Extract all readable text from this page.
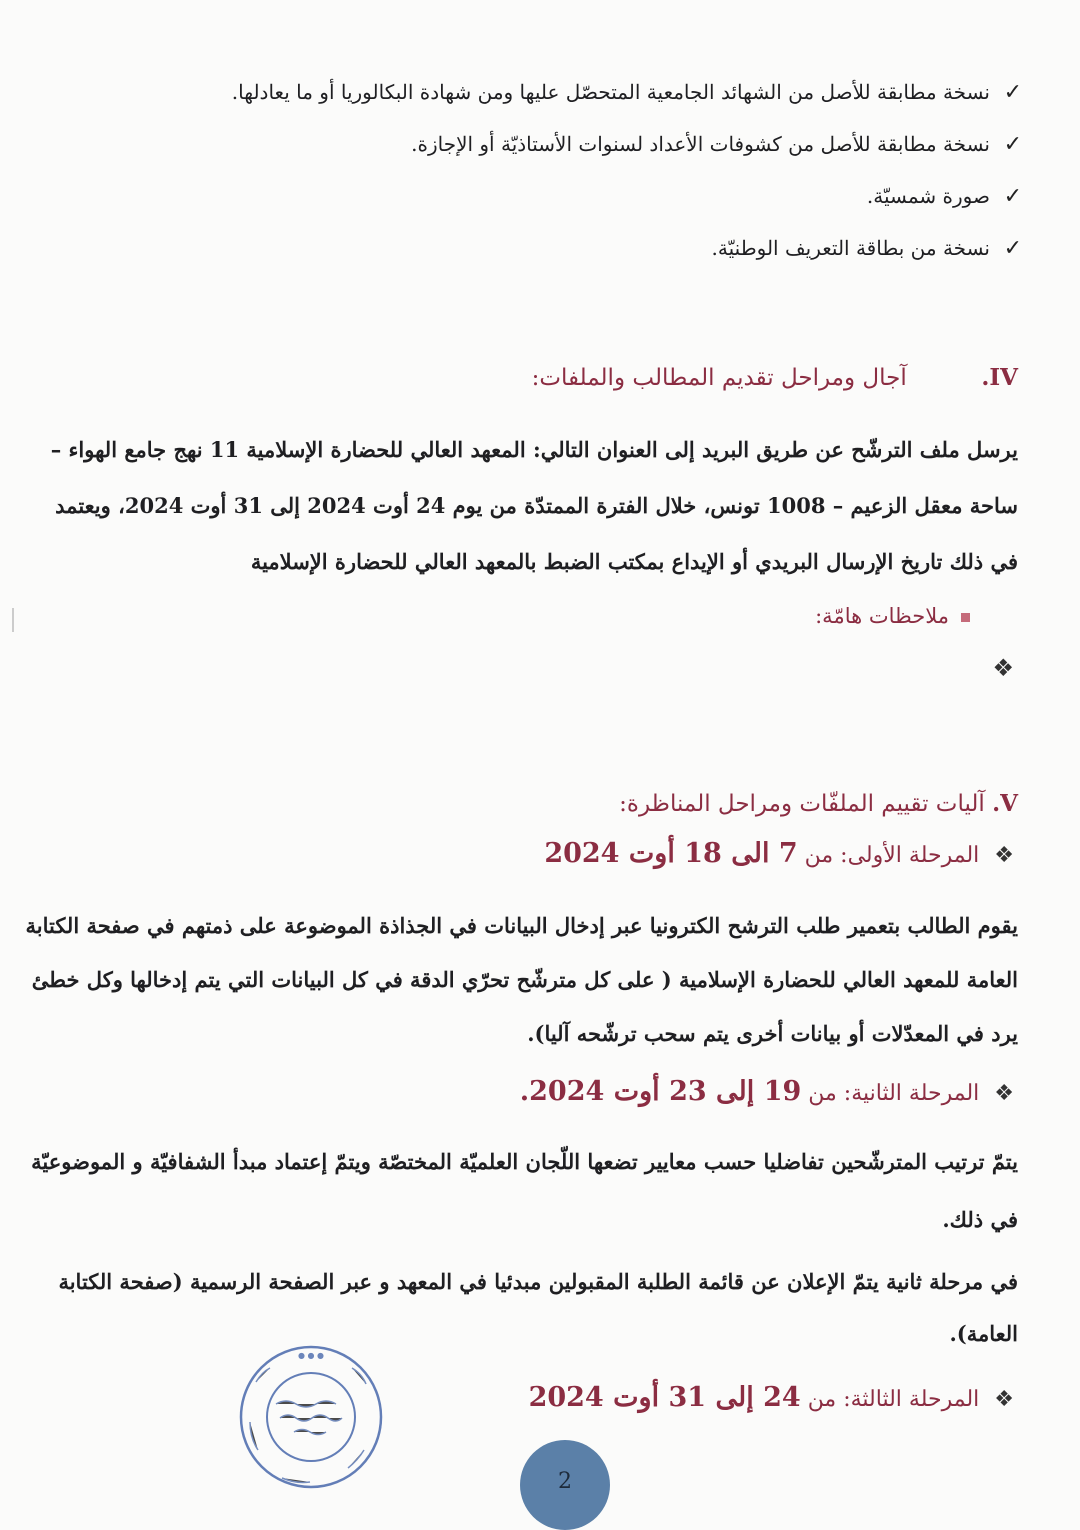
✓
نسخة مطابقة للأصل من الشهائد الجامعية المتحصّل عليها ومن شهادة البكالوريا أو ما يعادلها.
✓
نسخة مطابقة للأصل من كشوفات الأعداد لسنوات الأستاذيّة أو الإجازة.
✓
صورة شمسيّة.
✓
نسخة من بطاقة التعريف الوطنيّة.
IV.  آجال ومراحل تقديم المطالب والملفات:
يرسل ملف الترشّح عن طريق البريد إلى العنوان التالي: المعهد العالي للحضارة الإسلامية 11 نهج جامع الهواء –
ساحة معقل الزعيم – 1008 تونس، خلال الفترة الممتدّة من يوم 24 أوت 2024 إلى 31 أوت 2024، ويعتمد
في ذلك تاريخ الإرسال البريدي أو الإيداع بمكتب الضبط بالمعهد العالي للحضارة الإسلامية
ملاحظات هامّة:
❖
V. آليات تقييم الملفّات ومراحل المناظرة:
❖ المرحلة الأولى: من 7 الى 18 أوت 2024
يقوم الطالب بتعمير طلب الترشح الكترونيا عبر إدخال البيانات في الجذاذة الموضوعة على ذمتهم في صفحة الكتابة
العامة للمعهد العالي للحضارة الإسلامية ( على كل مترشّح تحرّي الدقة في كل البيانات التي يتم إدخالها وكل خطئ
يرد في المعدّلات أو بيانات أخرى يتم سحب ترشّحه آليا).
❖ المرحلة الثانية: من 19 إلى 23 أوت 2024.
يتمّ ترتيب المترشّحين تفاضليا حسب معايير تضعها اللّجان العلميّة المختصّة ويتمّ إعتماد مبدأ الشفافيّة و الموضوعيّة
في ذلك.
في مرحلة ثانية يتمّ الإعلان عن قائمة الطلبة المقبولين مبدئيا في المعهد و عبر الصفحة الرسمية (صفحة الكتابة
العامة).
❖ المرحلة الثالثة: من 24 إلى 31 أوت 2024
● ● ●
2
